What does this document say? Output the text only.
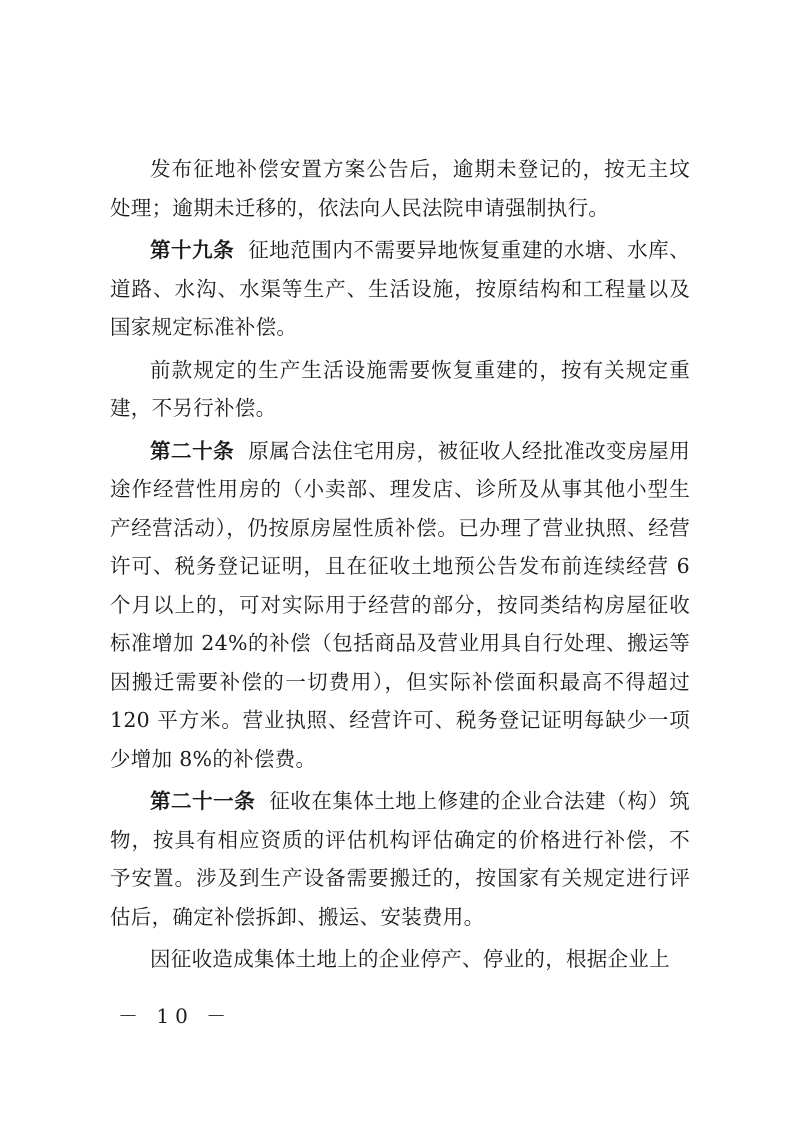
发布征地补偿安置方案公告后，逾期未登记的，按无主坟处理；逾期未迁移的，依法向人民法院申请强制执行。

第十九条 征地范围内不需要异地恢复重建的水塘、水库、道路、水沟、水渠等生产、生活设施，按原结构和工程量以及国家规定标准补偿。

前款规定的生产生活设施需要恢复重建的，按有关规定重建，不另行补偿。

第二十条 原属合法住宅用房，被征收人经批准改变房屋用途作经营性用房的（小卖部、理发店、诊所及从事其他小型生产经营活动），仍按原房屋性质补偿。已办理了营业执照、经营许可、税务登记证明，且在征收土地预公告发布前连续经营 6 个月以上的，可对实际用于经营的部分，按同类结构房屋征收标准增加 24%的补偿（包括商品及营业用具自行处理、搬运等因搬迁需要补偿的一切费用），但实际补偿面积最高不得超过 120 平方米。营业执照、经营许可、税务登记证明每缺少一项少增加 8%的补偿费。

第二十一条 征收在集体土地上修建的企业合法建（构）筑物，按具有相应资质的评估机构评估确定的价格进行补偿，不予安置。涉及到生产设备需要搬迁的，按国家有关规定进行评估后，确定补偿拆卸、搬运、安装费用。

因征收造成集体土地上的企业停产、停业的，根据企业上

－ 10 －
